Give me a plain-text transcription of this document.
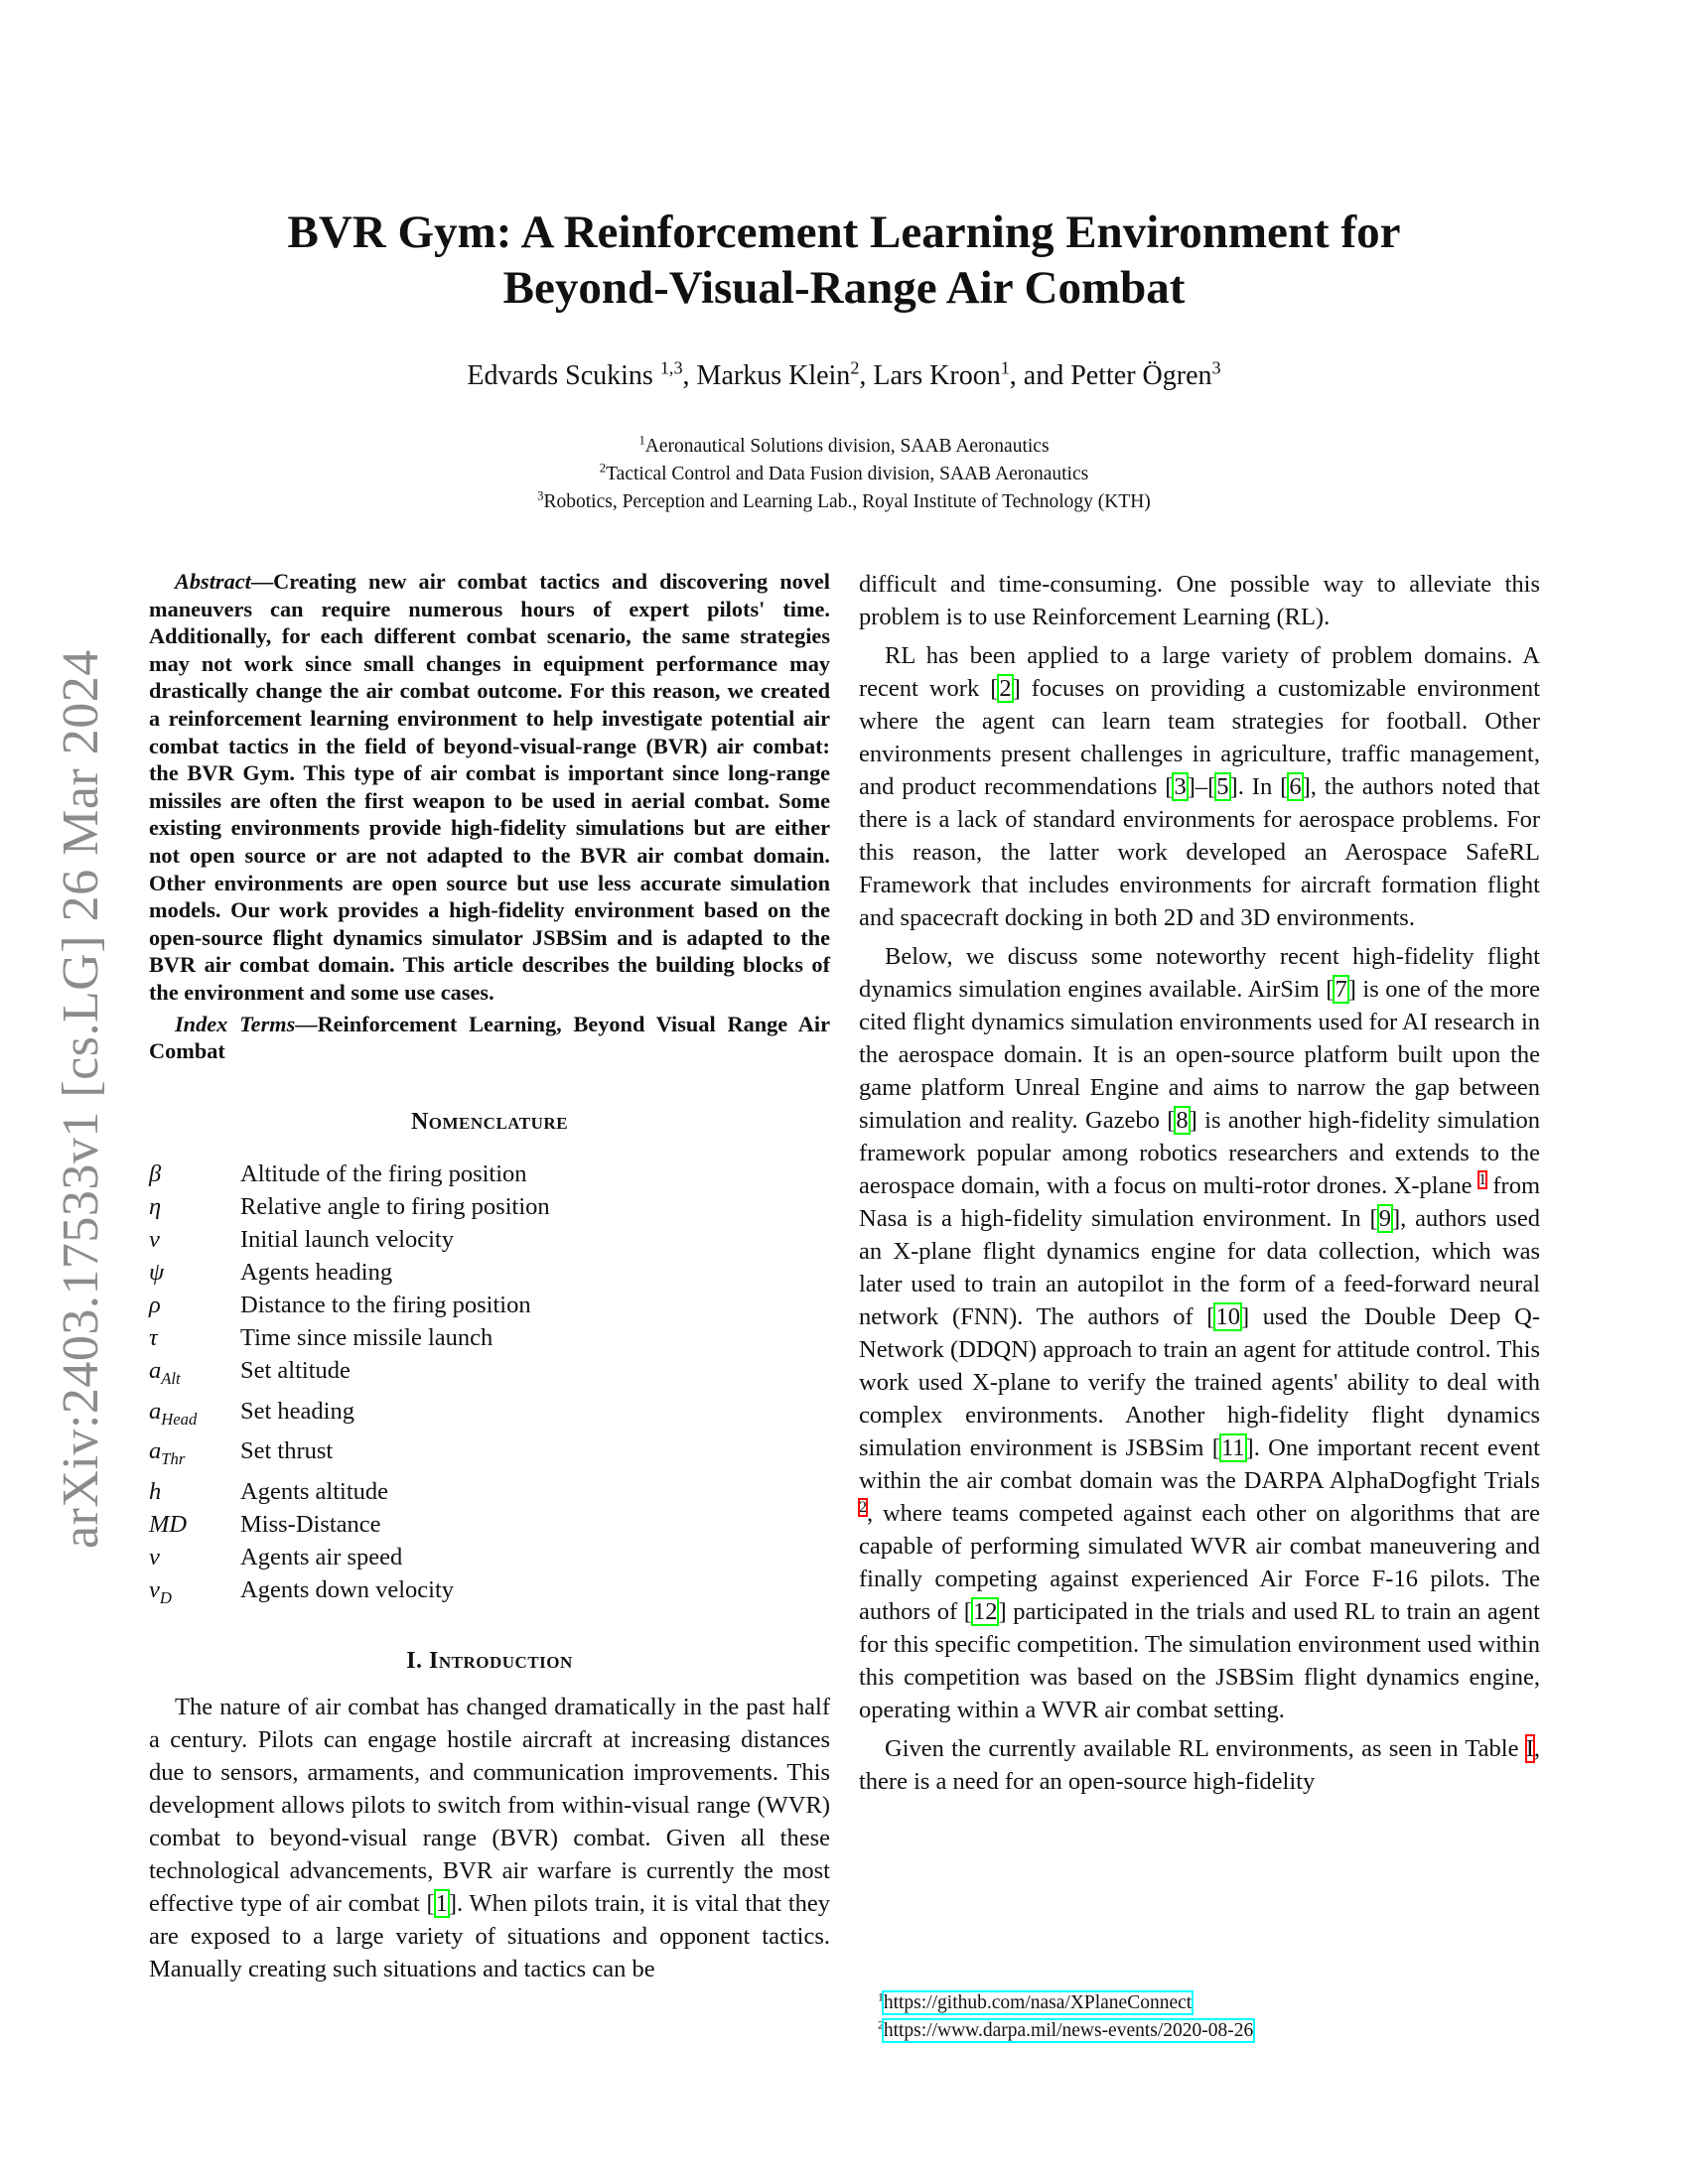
arXiv:2403.17533v1 [cs.LG] 26 Mar 2024
BVR Gym: A Reinforcement Learning Environment for
Beyond-Visual-Range Air Combat
Edvards Scukins $^{1,3}$, Markus Klein$^2$, Lars Kroon$^1$, and Petter Ögren$^3$
$^1$Aeronautical Solutions division, SAAB Aeronautics
$^2$Tactical Control and Data Fusion division, SAAB Aeronautics
$^3$Robotics, Perception and Learning Lab., Royal Institute of Technology (KTH)

Abstract—Creating new air combat tactics and discovering novel maneuvers can require numerous hours of expert pilots' time. Additionally, for each different combat scenario, the same strategies may not work since small changes in equipment performance may drastically change the air combat outcome. For this reason, we created a reinforcement learning environment to help investigate potential air combat tactics in the field of beyond-visual-range (BVR) air combat: the BVR Gym. This type of air combat is important since long-range missiles are often the first weapon to be used in aerial combat. Some existing environments provide high-fidelity simulations but are either not open source or are not adapted to the BVR air combat domain. Other environments are open source but use less accurate simulation models. Our work provides a high-fidelity environment based on the open-source flight dynamics simulator JSBSim and is adapted to the BVR air combat domain. This article describes the building blocks of the environment and some use cases.

Index Terms—Reinforcement Learning, Beyond Visual Range Air Combat

Nomenclature
β	Altitude of the firing position
η	Relative angle to firing position
ν	Initial launch velocity
ψ	Agents heading
ρ	Distance to the firing position
τ	Time since missile launch
$a_{Alt}$	Set altitude
$a_{Head}$	Set heading
$a_{Thr}$	Set thrust
h	Agents altitude
MD	Miss-Distance
v	Agents air speed
$v_D$	Agents down velocity
I. Introduction

The nature of air combat has changed dramatically in the past half a century. Pilots can engage hostile aircraft at increasing distances due to sensors, armaments, and communication improvements. This development allows pilots to switch from within-visual range (WVR) combat to beyond-visual range (BVR) combat. Given all these technological advancements, BVR air warfare is currently the most effective type of air combat [1]. When pilots train, it is vital that they are exposed to a large variety of situations and opponent tactics. Manually creating such situations and tactics can be

difficult and time-consuming. One possible way to alleviate this problem is to use Reinforcement Learning (RL).

RL has been applied to a large variety of problem domains. A recent work [2] focuses on providing a customizable environment where the agent can learn team strategies for football. Other environments present challenges in agriculture, traffic management, and product recommendations [3]–[5]. In [6], the authors noted that there is a lack of standard environments for aerospace problems. For this reason, the latter work developed an Aerospace SafeRL Framework that includes environments for aircraft formation flight and spacecraft docking in both 2D and 3D environments.

Below, we discuss some noteworthy recent high-fidelity flight dynamics simulation engines available. AirSim [7] is one of the more cited flight dynamics simulation environments used for AI research in the aerospace domain. It is an open-source platform built upon the game platform Unreal Engine and aims to narrow the gap between simulation and reality. Gazebo [8] is another high-fidelity simulation framework popular among robotics researchers and extends to the aerospace domain, with a focus on multi-rotor drones. X-plane $^1$ from Nasa is a high-fidelity simulation environment. In [9], authors used an X-plane flight dynamics engine for data collection, which was later used to train an autopilot in the form of a feed-forward neural network (FNN). The authors of [10] used the Double Deep Q-Network (DDQN) approach to train an agent for attitude control. This work used X-plane to verify the trained agents' ability to deal with complex environments. Another high-fidelity flight dynamics simulation environment is JSBSim [11]. One important recent event within the air combat domain was the DARPA AlphaDogfight Trials $^2$, where teams competed against each other on algorithms that are capable of performing simulated WVR air combat maneuvering and finally competing against experienced Air Force F-16 pilots. The authors of [12] participated in the trials and used RL to train an agent for this specific competition. The simulation environment used within this competition was based on the JSBSim flight dynamics engine, operating within a WVR air combat setting.

Given the currently available RL environments, as seen in Table I, there is a need for an open-source high-fidelity

$^1$https://github.com/nasa/XPlaneConnect
$^2$https://www.darpa.mil/news-events/2020-08-26
